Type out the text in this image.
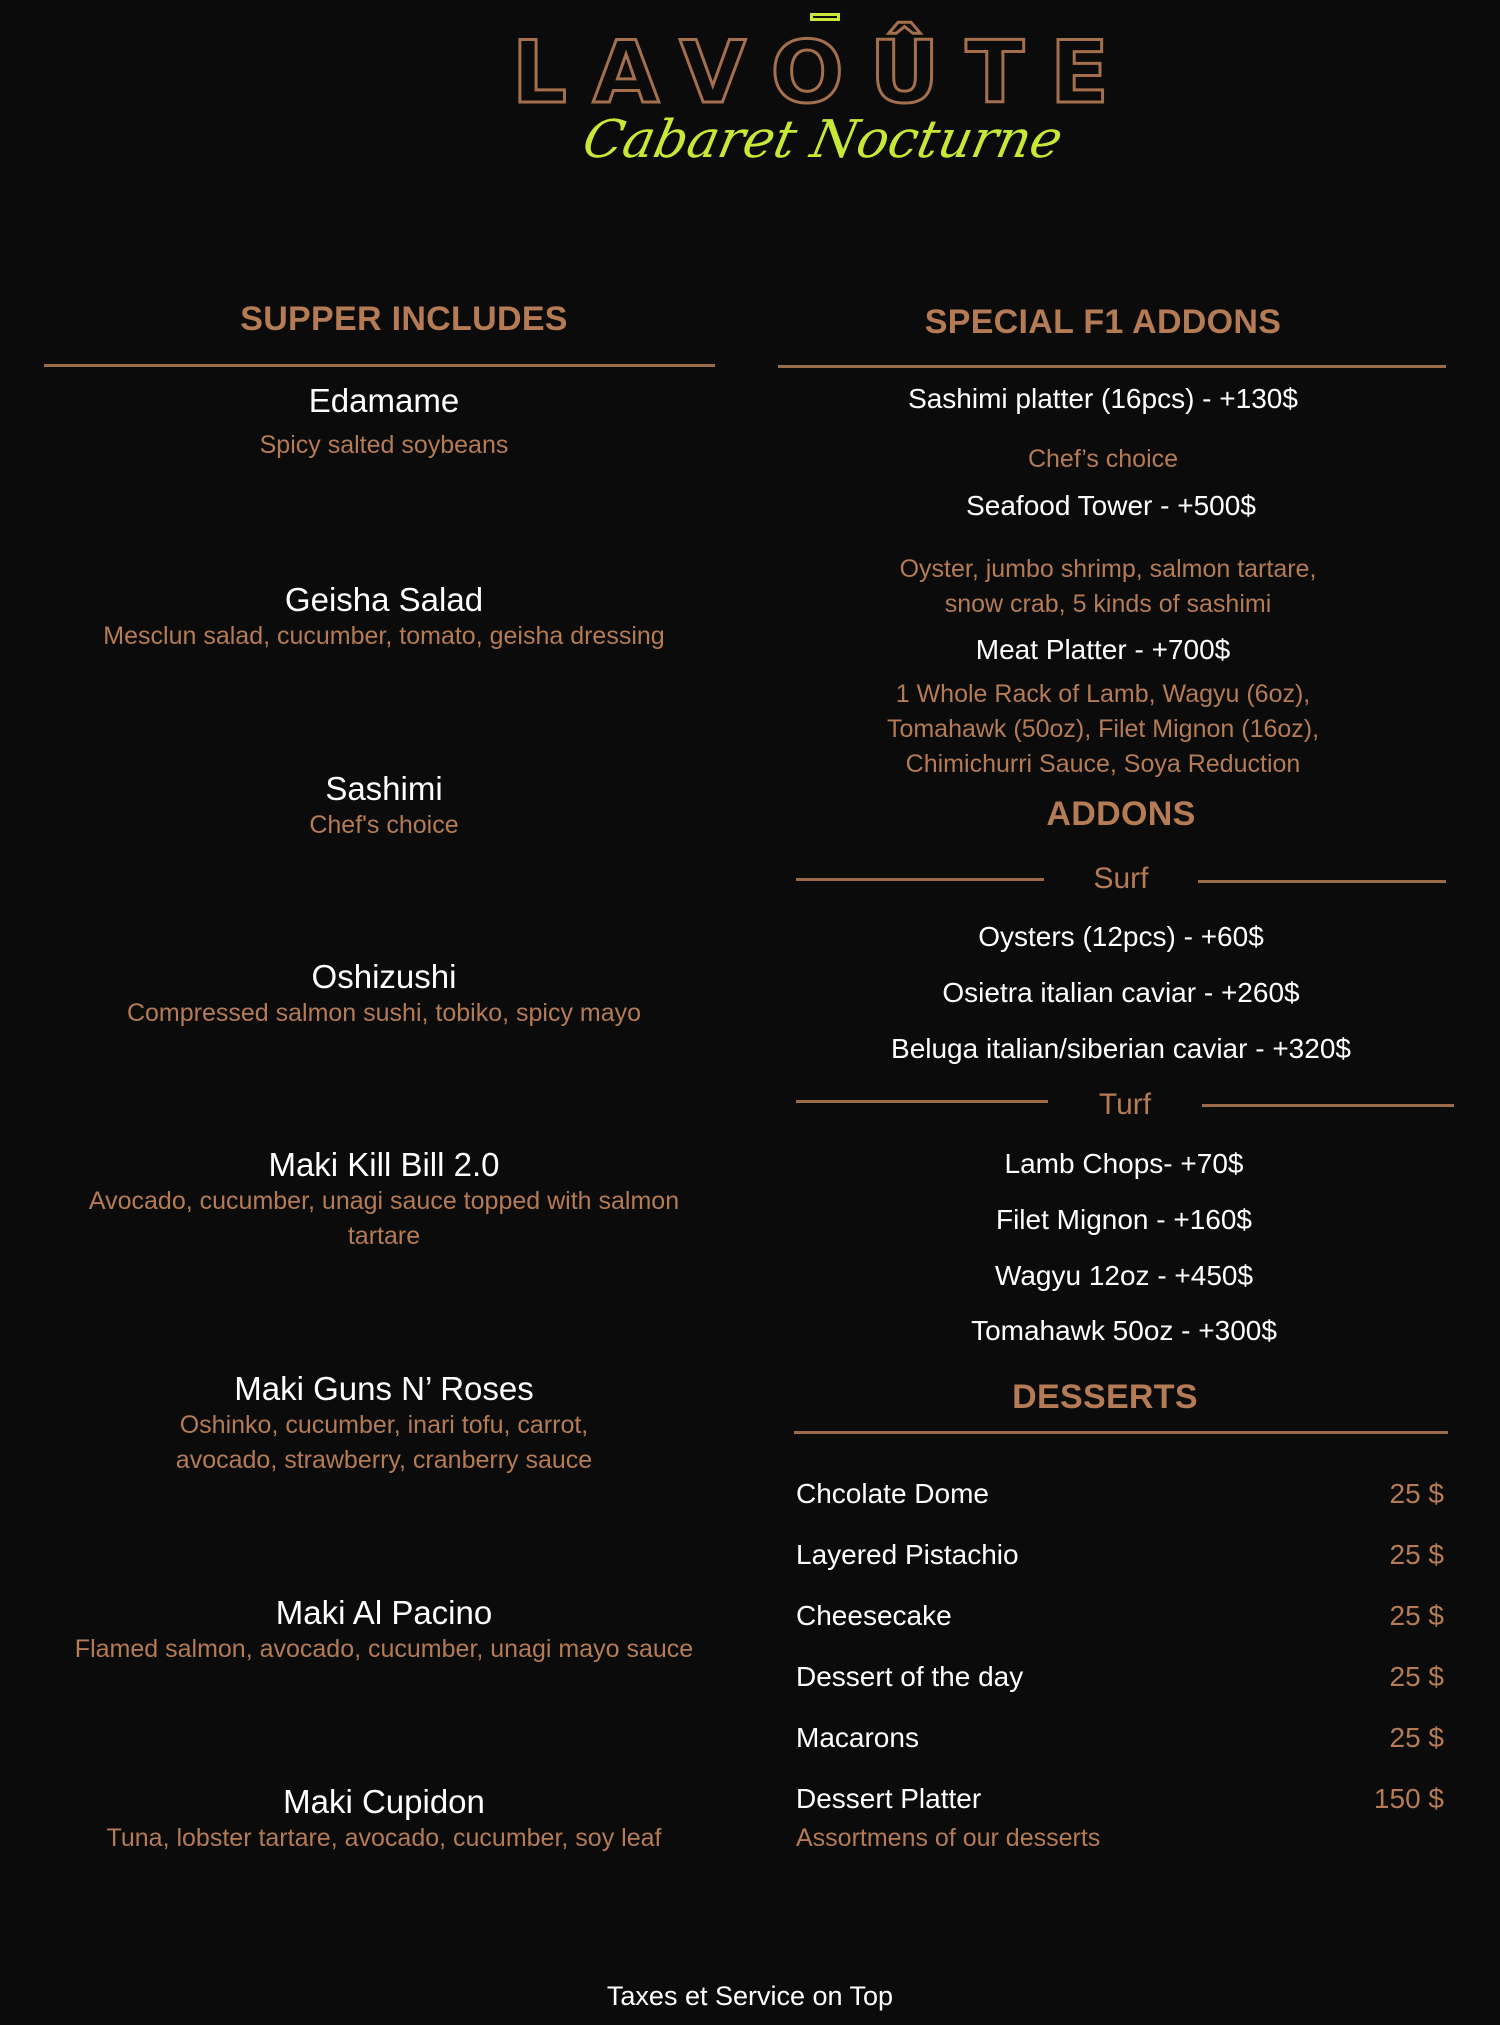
LAVOÛTE
Cabaret Nocturne
SUPPER INCLUDES
Edamame
Spicy salted soybeans
Geisha Salad
Mesclun salad, cucumber, tomato, geisha dressing
Sashimi
Chef's choice
Oshizushi
Compressed salmon sushi, tobiko, spicy mayo
Maki Kill Bill 2.0
Avocado, cucumber, unagi sauce topped with salmon tartare
Maki Guns N’ Roses
Oshinko, cucumber, inari tofu, carrot, avocado, strawberry, cranberry sauce
Maki Al Pacino
Flamed salmon, avocado, cucumber, unagi mayo sauce
Maki Cupidon
Tuna, lobster tartare, avocado, cucumber, soy leaf
SPECIAL F1 ADDONS
Sashimi platter (16pcs) - +130$
Chef’s choice
Seafood Tower - +500$
Oyster, jumbo shrimp, salmon tartare, snow crab, 5 kinds of sashimi
Meat Platter - +700$
1 Whole Rack of Lamb, Wagyu (6oz), Tomahawk (50oz), Filet Mignon (16oz), Chimichurri Sauce, Soya Reduction
ADDONS
Surf
Oysters (12pcs) - +60$
Osietra italian caviar - +260$
Beluga italian/siberian caviar - +320$
Turf
Lamb Chops- +70$
Filet Mignon - +160$
Wagyu 12oz - +450$
Tomahawk 50oz - +300$
DESSERTS
Chcolate Dome	25 $
Layered Pistachio	25 $
Cheesecake	25 $
Dessert of the day	25 $
Macarons	25 $
Dessert Platter	150 $
Assortmens of our desserts
Taxes et Service on Top
